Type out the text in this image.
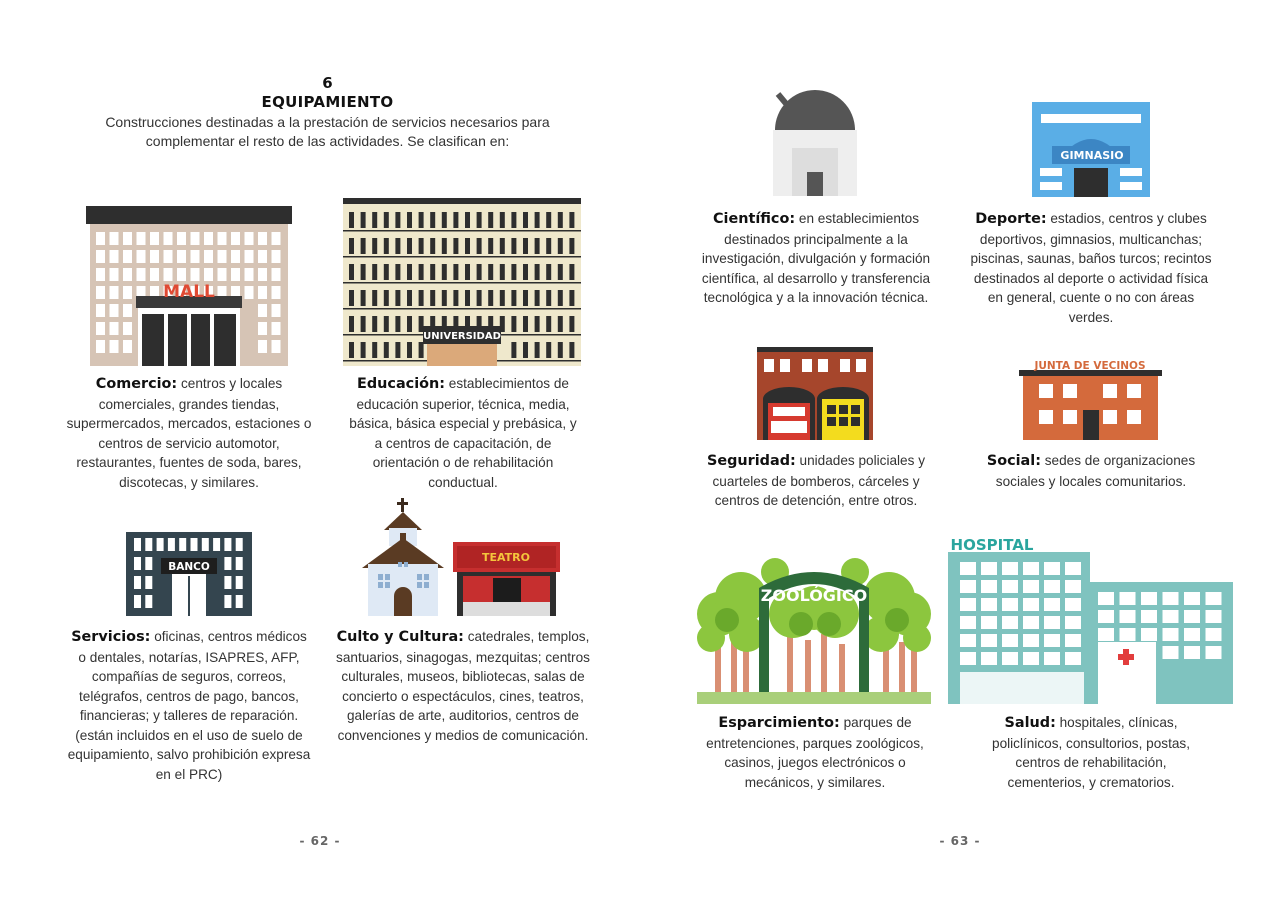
6
EQUIPAMIENTO
Construcciones destinadas a la prestación de servicios necesarios para complementar el resto de las actividades. Se clasifican en:
MALL
UNIVERSIDAD
BANCO
TEATRO
GIMNASIO
JUNTA DE VECINOS
ZOOLÓGICO
HOSPITAL
Comercio: centros y locales comerciales, grandes tiendas, supermercados, mercados, estaciones o centros de servicio automotor, restaurantes, fuentes de soda, bares, discotecas, y similares.
Educación: establecimientos de educación superior, técnica, media, básica, básica especial y prebásica, y a centros de capacitación, de orientación o de rehabilitación conductual.
Servicios: oficinas, centros médicos o dentales, notarías, ISAPRES, AFP, compañías de seguros, correos, telégrafos, centros de pago, bancos, financieras; y talleres de reparación. (están incluidos en el uso de suelo de equipamiento, salvo prohibición expresa en el PRC)
Culto y Cultura: catedrales, templos, santuarios, sinagogas, mezquitas; centros culturales, museos, bibliotecas, salas de concierto o espectáculos, cines, teatros, galerías de arte, auditorios, centros de convenciones y medios de comunicación.
Científico: en establecimientos destinados principalmente a la investigación, divulgación y formación científica, al desarrollo y transferencia tecnológica y a la innovación técnica.
Deporte: estadios, centros y clubes deportivos, gimnasios, multicanchas; piscinas, saunas, baños turcos; recintos destinados al deporte o actividad física en general, cuente o no con áreas verdes.
Seguridad: unidades policiales y cuarteles de bomberos, cárceles y centros de detención, entre otros.
Social: sedes de organizaciones sociales y locales comunitarios.
Esparcimiento: parques de entretenciones, parques zoológicos, casinos, juegos electrónicos o mecánicos, y similares.
Salud: hospitales, clínicas, policlínicos, consultorios, postas, centros de rehabilitación, cementerios, y crematorios.
- 62 -	- 63 -
